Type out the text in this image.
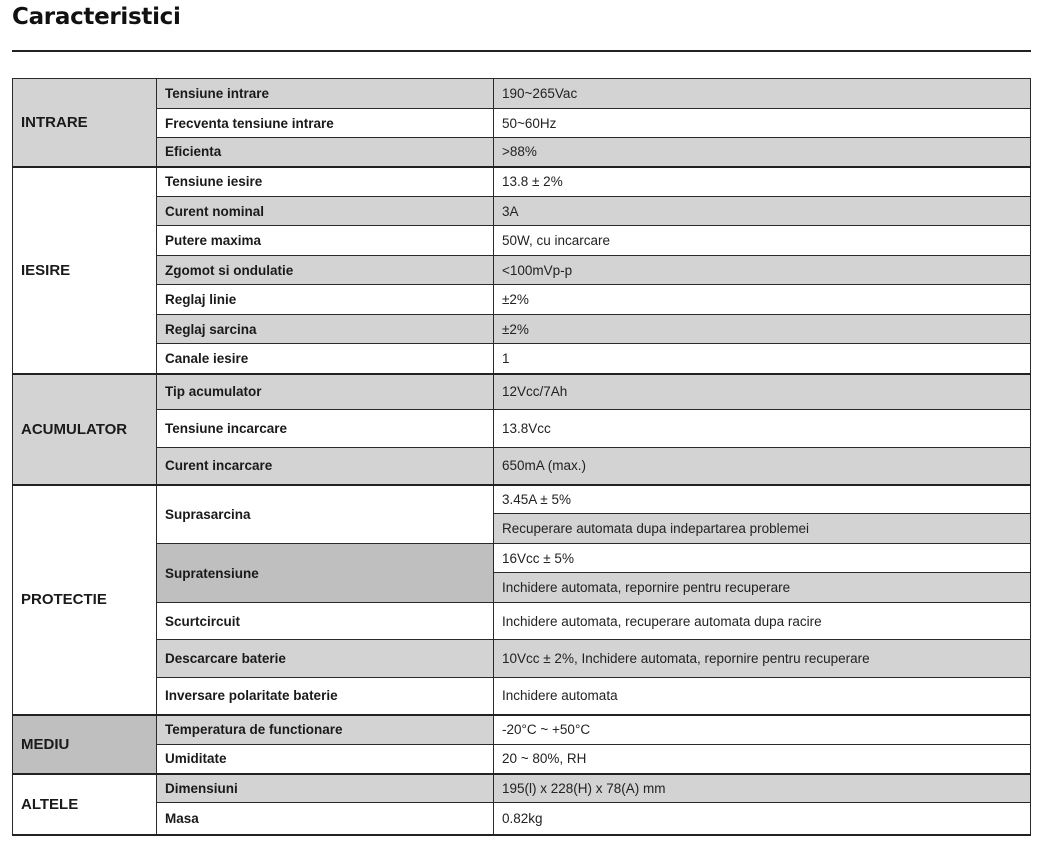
Caracteristici
INTRARE	Tensiune intrare	190~265Vac
	Frecventa tensiune intrare	50~60Hz
	Eficienta	>88%
IESIRE	Tensiune iesire	13.8 ± 2%
	Curent nominal	3A
	Putere maxima	50W, cu incarcare
	Zgomot si ondulatie	<100mVp-p
	Reglaj linie	±2%
	Reglaj sarcina	±2%
	Canale iesire	1
ACUMULATOR	Tip acumulator	12Vcc/7Ah
	Tensiune incarcare	13.8Vcc
	Curent incarcare	650mA (max.)
PROTECTIE	Suprasarcina	3.45A ± 5%
		Recuperare automata dupa indepartarea problemei
	Supratensiune	16Vcc ± 5%
		Inchidere automata, repornire pentru recuperare
	Scurtcircuit	Inchidere automata, recuperare automata dupa racire
	Descarcare baterie	10Vcc ± 2%, Inchidere automata, repornire pentru recuperare
	Inversare polaritate baterie	Inchidere automata
MEDIU	Temperatura de functionare	-20°C ~ +50°C
	Umiditate	20 ~ 80%, RH
ALTELE	Dimensiuni	195(l) x 228(H) x 78(A) mm
	Masa	0.82kg
